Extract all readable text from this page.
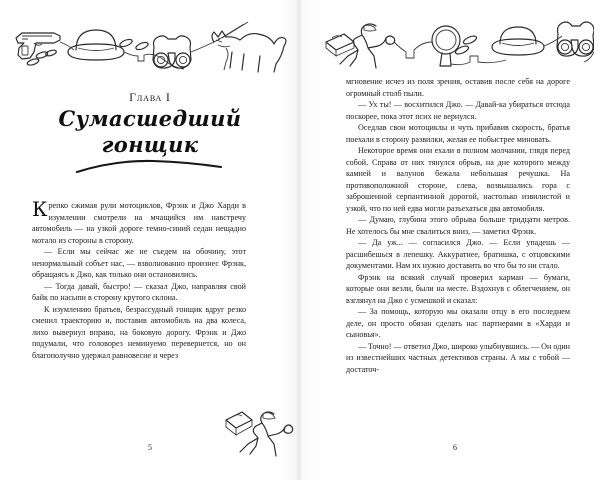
Глава I
Сумасшедший
гонщик

Крепко сжимая рули мотоциклов, Фрэнк и Джо Харди в изумлении смотрели на мчащийся им навстречу автомобиль — на узкой дороге темно-синий седан нещадно мотало из стороны в сторону.

— Если мы сейчас же не съедем на обочину, этот ненормальный собъет нас, — взволнованно произнес Фрэнк, обращаясь к Джо, как только они остановились.

— Тогда давай, быстро! — сказал Джо, направляя свой байк по насыпи в сторону крутого склона.

К изумлению братьев, безрассудный гонщик вдруг резко сменил траекторию и, поставив автомобиль на два колеса, лихо вывернул вправо, на боковую дорогу. Фрэнк и Джо подумали, что головорез неминуемо перевернется, но он благополучно удержал равновесие и через

мгновение исчез из поля зрения, оставив после себя на дороге огромный столб пыли.

— Ух ты! — восхитился Джо. — Давай-ка убираться отсюда поскорее, пока этот псих не вернулся.

Оседлав свои мотоциклы и чуть прибавив скорость, братья поехали в сторону развилки, желая ее побыстрее миновать.

Некоторое время они ехали в полном молчании, глядя перед собой. Справа от них тянулся обрыв, на дне которого между камней и валунов бежала небольшая речушка. На противоположной стороне, слева, возвышались гора с заброшенной серпантинной дорогой, настолько извилистой и узкой, что по ней едва могли разъехаться два автомобиля.

— Думаю, глубина этого обрыва больше тридцати метров. Не хотелось бы мне свалиться вниз, — заметил Фрэнк.

— Да уж... — согласился Джо. — Если упадешь — расшибешься в лепешку. Аккуратнее, братишка, с отцовскими документами. Нам их нужно доставить во что бы то ни стало.

Фрэнк на всякий случай проверил карман — бумаги, которые они везли, были на месте. Вздохнув с облегчением, он взглянул на Джо с усмешкой и сказал:

— За помощь, которую мы оказали отцу в его последнем деле, он просто обязан сделать нас партнерами в «Харди и сыновья».

— Точно! — ответил Джо, широко улыбнувшись. — Он один из известнейших частных детективов страны. А мы с тобой — достаточ-

5	6
